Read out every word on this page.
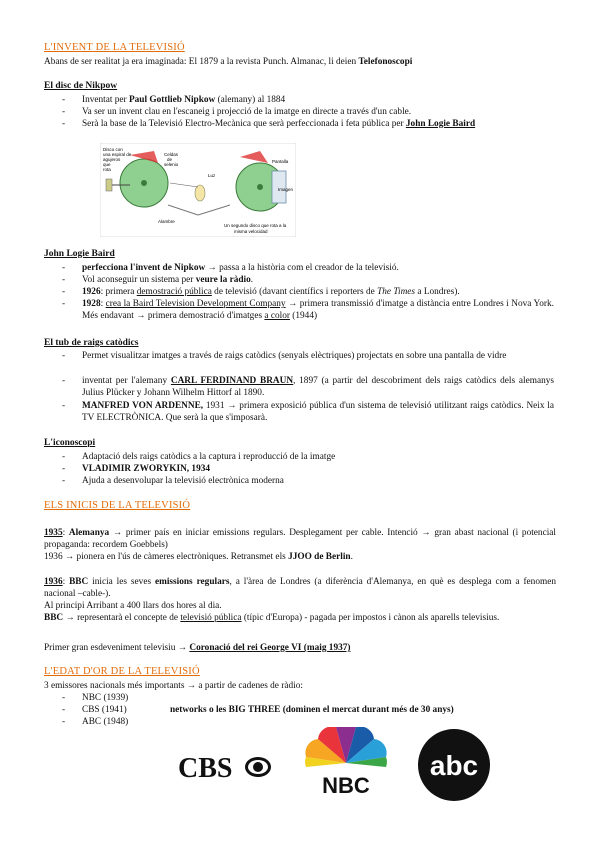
L'INVENT DE LA TELEVISIÓ
Abans de ser realitat ja era imaginada: El 1879 a la revista Punch. Almanac, li deien Telefonoscopi
El disc de Nikpow
- Inventat per Paul Gottlieb Nipkow (alemany) al 1884
- Va ser un invent clau en l'escaneig i projecció de la imatge en directe a través d'un cable.
- Serà la base de la Televisió Electro-Mecànica que serà perfeccionada i feta pública per John Logie Baird
Disco con
una espiral de
agujeros
que
rota
Celdas
de
selenio
Luz
Pantalla
Imagen
Alambre
Un segundo disco que rota a la
misma velocidad
John Logie Baird
- perfecciona l'invent de Nipkow → passa a la història com el creador de la televisió.
- Vol aconseguir un sistema per veure la ràdio.
- 1926: primera demostració pública de televisió (davant científics i reporters de The Times a Londres).
- 1928: crea la Baird Television Development Company → primera transmissió d'imatge a distància entre Londres i Nova York. Més endavant → primera demostració d'imatges a color (1944)
El tub de raigs catòdics
- Permet visualitzar imatges a través de raigs catòdics (senyals elèctriques) projectats en sobre una pantalla de vidre
- inventat per l'alemany CARL FERDINAND BRAUN, 1897 (a partir del descobriment dels raigs catòdics dels alemanys Julius Plücker y Johann Wilhelm Hittorf al 1890.
- MANFRED VON ARDENNE, 1931 → primera exposició pública d'un sistema de televisió utilitzant raigs catòdics. Neix la TV ELECTRÒNICA. Que serà la que s'imposarà.
L'iconoscopi
- Adaptació dels raigs catòdics a la captura i reproducció de la imatge
- VLADIMIR ZWORYKIN, 1934
- Ajuda a desenvolupar la televisió electrònica moderna
ELS INICIS DE LA TELEVISIÓ
1935: Alemanya → primer país en iniciar emissions regulars. Desplegament per cable. Intenció → gran abast nacional (i potencial propaganda: recordem Goebbels)
1936 → pionera en l'ús de càmeres electròniques. Retransmet els JJOO de Berlin.
1936: BBC inicia les seves emissions regulars, a l'àrea de Londres (a diferència d'Alemanya, en què es desplega com a fenomen nacional –cable-).
Al principi Arribant a 400 llars dos hores al dia.
BBC → representarà el concepte de televisió pública (típic d'Europa) - pagada per impostos i cànon als aparells televisius.
Primer gran esdeveniment televisiu → Coronació del rei George VI (maig 1937)
L'EDAT D'OR DE LA TELEVISIÓ
3 emissores nacionals més importants → a partir de cadenes de ràdio:
- NBC (1939)
- CBS (1941)
- ABC (1948)
networks o les BIG THREE (dominen el mercat durant més de 30 anys)
CBS
NBC
abc
